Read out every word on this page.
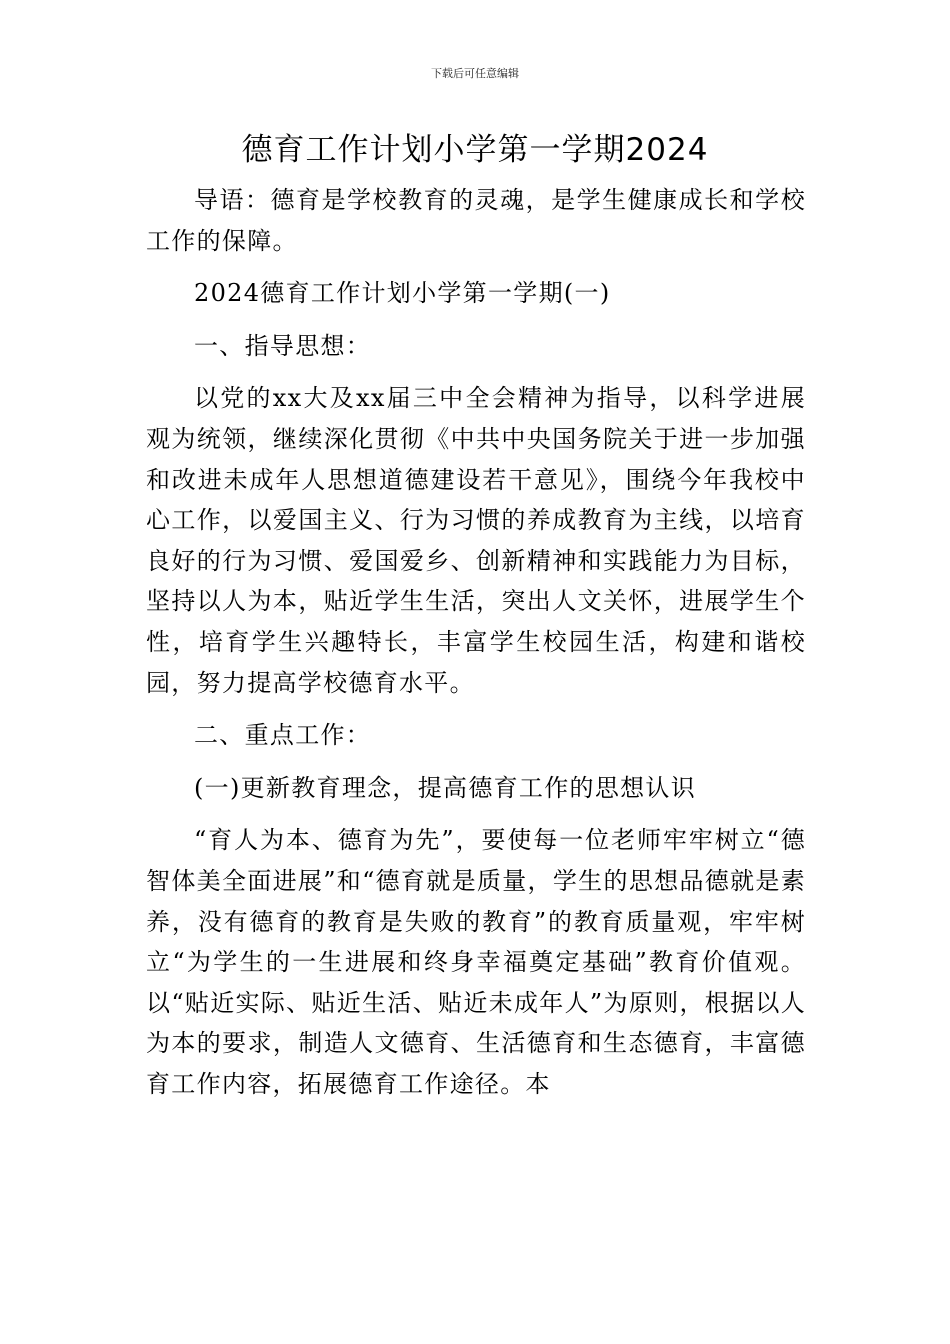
下载后可任意编辑
德育工作计划小学第一学期2024

导语：德育是学校教育的灵魂，是学生健康成长和学校工作的保障。

2024德育工作计划小学第一学期(一)

一、指导思想：

以党的xx大及xx届三中全会精神为指导，以科学进展观为统领，继续深化贯彻《中共中央国务院关于进一步加强和改进未成年人思想道德建设若干意见》，围绕今年我校中心工作，以爱国主义、行为习惯的养成教育为主线，以培育良好的行为习惯、爱国爱乡、创新精神和实践能力为目标，坚持以人为本，贴近学生生活，突出人文关怀，进展学生个性，培育学生兴趣特长，丰富学生校园生活，构建和谐校园，努力提高学校德育水平。

二、重点工作：

(一)更新教育理念，提高德育工作的思想认识

“育人为本、德育为先”，要使每一位老师牢牢树立“德智体美全面进展”和“德育就是质量，学生的思想品德就是素养，没有德育的教育是失败的教育”的教育质量观，牢牢树立“为学生的一生进展和终身幸福奠定基础”教育价值观。以“贴近实际、贴近生活、贴近未成年人”为原则，根据以人为本的要求，制造人文德育、生活德育和生态德育，丰富德育工作内容，拓展德育工作途径。本
